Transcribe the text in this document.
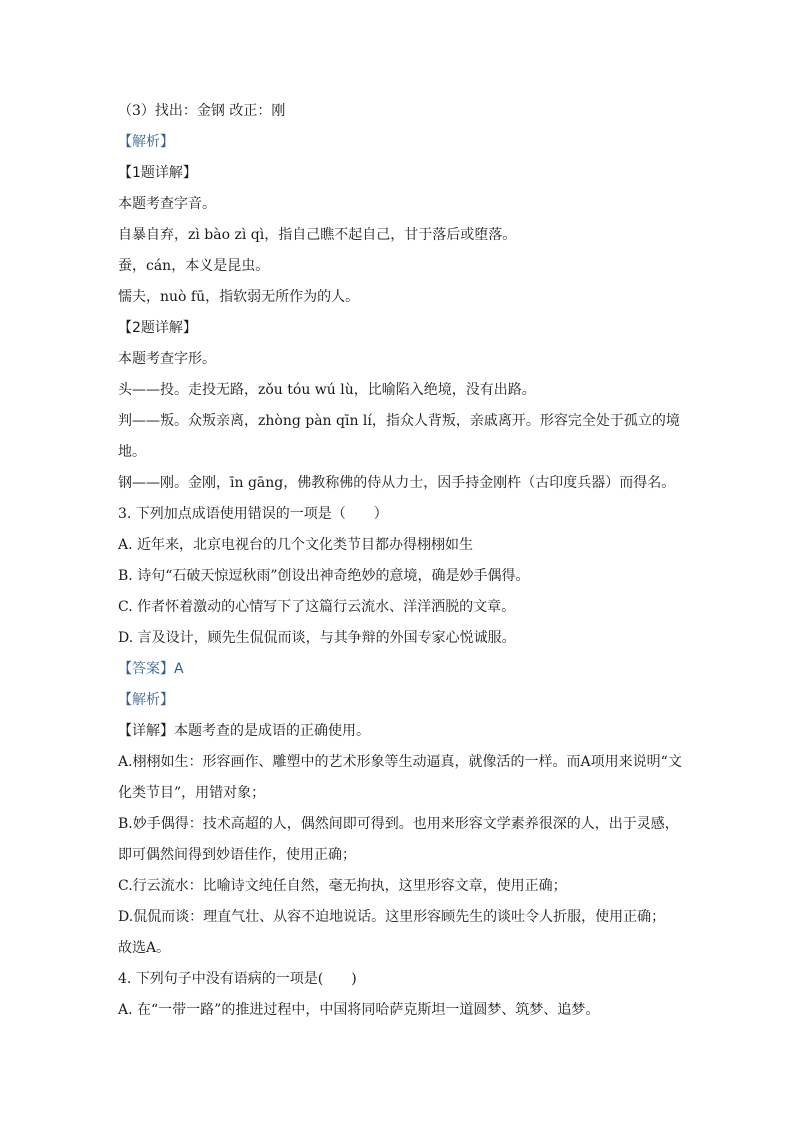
（3）找出：金钢 改正：刚
【解析】
【1题详解】
本题考查字音。
自暴自弃，zì bào zì qì，指自己瞧不起自己，甘于落后或堕落。
蚕，cán，本义是昆虫。
懦夫，nuò fū，指软弱无所作为的人。
【2题详解】
本题考查字形。
头——投。走投无路，zǒu tóu wú lù，比喻陷入绝境，没有出路。
判——叛。众叛亲离，zhòng pàn qīn lí，指众人背叛，亲戚离开。形容完全处于孤立的境
地。
钢——刚。金刚，īn gāng，佛教称佛的侍从力士，因手持金刚杵（古印度兵器）而得名。
3. 下列加点成语使用错误的一项是（　　）
A. 近年来，北京电视台的几个文化类节目都办得栩栩如生
B. 诗句“石破天惊逗秋雨”创设出神奇绝妙的意境，确是妙手偶得。
C. 作者怀着激动的心情写下了这篇行云流水、洋洋洒脱的文章。
D. 言及设计，顾先生侃侃而谈，与其争辩的外国专家心悦诚服。
【答案】A
【解析】
【详解】本题考查的是成语的正确使用。
A.栩栩如生：形容画作、雕塑中的艺术形象等生动逼真，就像活的一样。而A项用来说明“文
化类节目”，用错对象；
B.妙手偶得：技术高超的人，偶然间即可得到。也用来形容文学素养很深的人，出于灵感，
即可偶然间得到妙语佳作，使用正确；
C.行云流水：比喻诗文纯任自然，毫无拘执，这里形容文章，使用正确；
D.侃侃而谈：理直气壮、从容不迫地说话。这里形容顾先生的谈吐令人折服，使用正确；
故选A。
4. 下列句子中没有语病的一项是(　　)
A. 在“一带一路”的推进过程中，中国将同哈萨克斯坦一道圆梦、筑梦、追梦。
